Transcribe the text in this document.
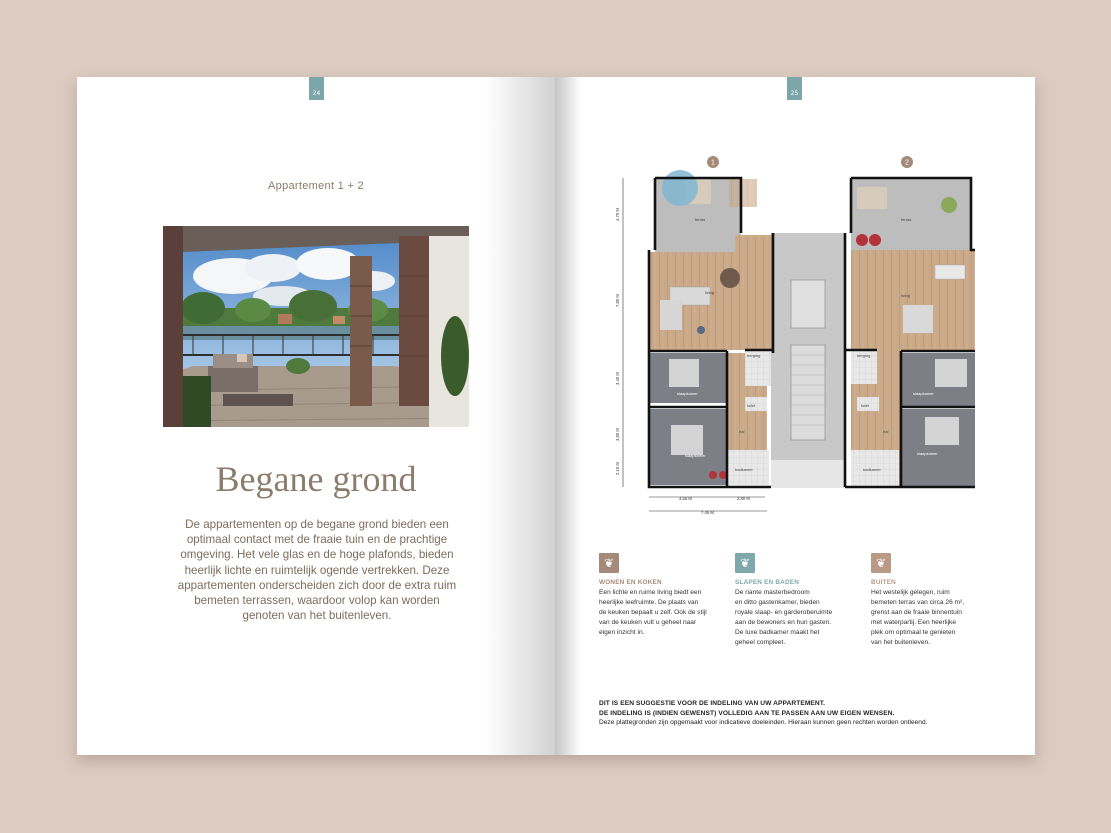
24
Appartement 1 + 2
Begane grond
De appartementen op de begane grond bieden een optimaal contact met de fraaie tuin en de prachtige omgeving. Het vele glas en de hoge plafonds, bieden heerlijk lichte en ruimtelijk ogende vertrekken. Deze appartementen onderscheiden zich door de extra ruim bemeten terrassen, waardoor volop kan worden genoten van het buitenleven.
25
1	2
terras
living
slaapkamer
slaapkamer
berging
toilet
hal
badkamer
terras
living
berging
toilet
hal
badkamer
slaapkamer
slaapkamer
4,70 M
7,80 M
3,40 M
3,80 M
2,15 M
4,55 M	2,80 M
7,45 M
❦
WONEN EN KOKEN
Een lichte en ruime living biedt een
heerlijke leefruimte. De plaats van
de keuken bepaalt u zelf. Ook de stijl
van de keuken vult u geheel naar
eigen inzicht in.
❦
SLAPEN EN BADEN
De riante masterbedroom
en ditto gastenkamer, bieden
royale slaap- en garderoberuimte
aan de bewoners en hun gasten.
De luxe badkamer maakt het
geheel compleet.
❦
BUITEN
Het westelijk gelegen, ruim
bemeten terras van circa 26 m²,
grenst aan de fraaie binnentuin
met waterpartij. Een heerlijke
plek om optimaal te genieten
van het buitenleven.
DIT IS EEN SUGGESTIE VOOR DE INDELING VAN UW APPARTEMENT.
DE INDELING IS (INDIEN GEWENST) VOLLEDIG AAN TE PASSEN AAN UW EIGEN WENSEN.
Deze plattegronden zijn opgemaakt voor indicatieve doeleinden. Hieraan kunnen geen rechten worden ontleend.
